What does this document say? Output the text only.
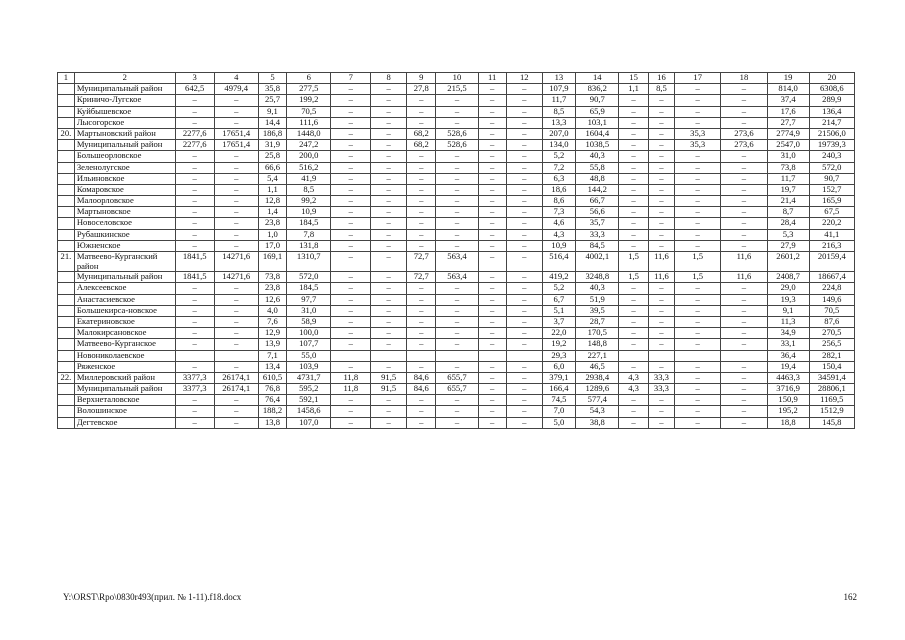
1	2	3	4	5	6	7	8	9	10	11	12	13	14	15	16	17	18	19	20
	Муниципальный район	642,5	4979,4	35,8	277,5	–	–	27,8	215,5	–	–	107,9	836,2	1,1	8,5	–	–	814,0	6308,6
	Криничо-Лугское	–	–	25,7	199,2	–	–	–	–	–	–	11,7	90,7	–	–	–	–	37,4	289,9
	Куйбышевское	–	–	9,1	70,5	–	–	–	–	–	–	8,5	65,9	–	–	–	–	17,6	136,4
	Лысогорское	–	–	14,4	111,6	–	–	–	–	–	–	13,3	103,1	–	–	–	–	27,7	214,7
20.	Мартыновский район	2277,6	17651,4	186,8	1448,0	–	–	68,2	528,6	–	–	207,0	1604,4	–	–	35,3	273,6	2774,9	21506,0
	Муниципальный район	2277,6	17651,4	31,9	247,2	–	–	68,2	528,6	–	–	134,0	1038,5	–	–	35,3	273,6	2547,0	19739,3
	Большеорловское	–	–	25,8	200,0	–	–	–	–	–	–	5,2	40,3	–	–	–	–	31,0	240,3
	Зеленолугское	–	–	66,6	516,2	–	–	–	–	–	–	7,2	55,8	–	–	–	–	73,8	572,0
	Ильиновское	–	–	5,4	41,9	–	–	–	–	–	–	6,3	48,8	–	–	–	–	11,7	90,7
	Комаровское	–	–	1,1	8,5	–	–	–	–	–	–	18,6	144,2	–	–	–	–	19,7	152,7
	Малоорловское	–	–	12,8	99,2	–	–	–	–	–	–	8,6	66,7	–	–	–	–	21,4	165,9
	Мартыновское	–	–	1,4	10,9	–	–	–	–	–	–	7,3	56,6	–	–	–	–	8,7	67,5
	Новоселовское	–	–	23,8	184,5	–	–	–	–	–	–	4,6	35,7	–	–	–	–	28,4	220,2
	Рубашкинское	–	–	1,0	7,8	–	–	–	–	–	–	4,3	33,3	–	–	–	–	5,3	41,1
	Южненское	–	–	17,0	131,8	–	–	–	–	–	–	10,9	84,5	–	–	–	–	27,9	216,3
21.	Матвеево-Курганский район	1841,5	14271,6	169,1	1310,7	–	–	72,7	563,4	–	–	516,4	4002,1	1,5	11,6	1,5	11,6	2601,2	20159,4
	Муниципальный район	1841,5	14271,6	73,8	572,0	–	–	72,7	563,4	–	–	419,2	3248,8	1,5	11,6	1,5	11,6	2408,7	18667,4
	Алексеевское	–	–	23,8	184,5	–	–	–	–	–	–	5,2	40,3	–	–	–	–	29,0	224,8
	Анастасиевское	–	–	12,6	97,7	–	–	–	–	–	–	6,7	51,9	–	–	–	–	19,3	149,6
	Большекирса-новское	–	–	4,0	31,0	–	–	–	–	–	–	5,1	39,5	–	–	–	–	9,1	70,5
	Екатериновское	–	–	7,6	58,9	–	–	–	–	–	–	3,7	28,7	–	–	–	–	11,3	87,6
	Малокирсановское	–	–	12,9	100,0	–	–	–	–	–	–	22,0	170,5	–	–	–	–	34,9	270,5
	Матвеево-Курганское	–	–	13,9	107,7	–	–	–	–	–	–	19,2	148,8	–	–	–	–	33,1	256,5
	Новониколаевское			7,1	55,0							29,3	227,1					36,4	282,1
	Ряженское	–	–	13,4	103,9	–	–	–	–	–	–	6,0	46,5	–	–	–	–	19,4	150,4
22.	Миллеровский район	3377,3	26174,1	610,5	4731,7	11,8	91,5	84,6	655,7	–	–	379,1	2938,4	4,3	33,3	–	–	4463,3	34591,4
	Муниципальный район	3377,3	26174,1	76,8	595,2	11,8	91,5	84,6	655,7	–	–	166,4	1289,6	4,3	33,3	–	–	3716,9	28806,1
	Верхнеталовское	–	–	76,4	592,1	–	–	–	–	–	–	74,5	577,4	–	–	–	–	150,9	1169,5
	Волошинское	–	–	188,2	1458,6	–	–	–	–	–	–	7,0	54,3	–	–	–	–	195,2	1512,9
	Дегтевское	–	–	13,8	107,0	–	–	–	–	–	–	5,0	38,8	–	–	–	–	18,8	145,8
Y:\ORST\Rpo\0830r493(прил. № 1-11).f18.docx	162
